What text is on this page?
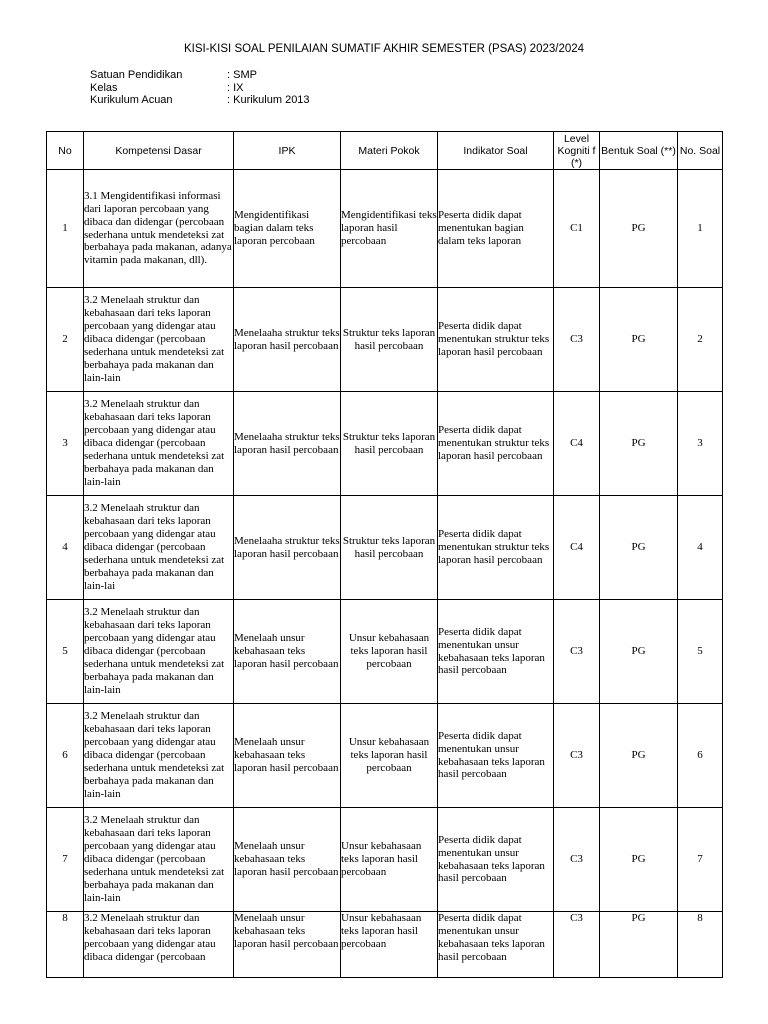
KISI-KISI SOAL PENILAIAN SUMATIF AKHIR SEMESTER (PSAS) 2023/2024
Satuan Pendidikan	: SMP
Kelas	: IX
Kurikulum Acuan	: Kurikulum 2013
No	Kompetensi Dasar	IPK	Materi Pokok	Indikator Soal	Level Kogniti f (*)	Bentuk Soal (**)	No. Soal
1	3.1 Mengidentifikasi informasi dari laporan percobaan yang dibaca dan didengar (percobaan sederhana untuk mendeteksi zat berbahaya pada makanan, adanya vitamin pada makanan, dll).	Mengidentifikasi bagian dalam teks laporan percobaan	Mengidentifikasi teks laporan hasil percobaan	Peserta didik dapat menentukan bagian dalam teks laporan	C1	PG	1
2	3.2 Menelaah struktur dan kebahasaan dari teks laporan percobaan yang didengar atau dibaca didengar (percobaan sederhana untuk mendeteksi zat berbahaya pada makanan dan lain-lain	Menelaaha struktur teks laporan hasil percobaan	Struktur teks laporan hasil percobaan	Peserta didik dapat menentukan struktur teks laporan hasil percobaan	C3	PG	2
3	3.2 Menelaah struktur dan kebahasaan dari teks laporan percobaan yang didengar atau dibaca didengar (percobaan sederhana untuk mendeteksi zat berbahaya pada makanan dan lain-lain	Menelaaha struktur teks laporan hasil percobaan	Struktur teks laporan hasil percobaan	Peserta didik dapat menentukan struktur teks laporan hasil percobaan	C4	PG	3
4	3.2 Menelaah struktur dan kebahasaan dari teks laporan percobaan yang didengar atau dibaca didengar (percobaan sederhana untuk mendeteksi zat berbahaya pada makanan dan lain-lai	Menelaaha struktur teks laporan hasil percobaan	Struktur teks laporan hasil percobaan	Peserta didik dapat menentukan struktur teks laporan hasil percobaan	C4	PG	4
5	3.2 Menelaah struktur dan kebahasaan dari teks laporan percobaan yang didengar atau dibaca didengar (percobaan sederhana untuk mendeteksi zat berbahaya pada makanan dan lain-lain	Menelaah unsur kebahasaan teks laporan hasil percobaan	Unsur kebahasaan teks laporan hasil percobaan	Peserta didik dapat menentukan unsur kebahasaan teks laporan hasil percobaan	C3	PG	5
6	3.2 Menelaah struktur dan kebahasaan dari teks laporan percobaan yang didengar atau dibaca didengar (percobaan sederhana untuk mendeteksi zat berbahaya pada makanan dan lain-lain	Menelaah unsur kebahasaan teks laporan hasil percobaan	Unsur kebahasaan teks laporan hasil percobaan	Peserta didik dapat menentukan unsur kebahasaan teks laporan hasil percobaan	C3	PG	6
7	3.2 Menelaah struktur dan kebahasaan dari teks laporan percobaan yang didengar atau dibaca didengar (percobaan sederhana untuk mendeteksi zat berbahaya pada makanan dan lain-lain	Menelaah unsur kebahasaan teks laporan hasil percobaan	Unsur kebahasaan teks laporan hasil percobaan	Peserta didik dapat menentukan unsur kebahasaan teks laporan hasil percobaan	C3	PG	7
8	3.2 Menelaah struktur dan kebahasaan dari teks laporan percobaan yang didengar atau dibaca didengar (percobaan	Menelaah unsur kebahasaan teks laporan hasil percobaan	Unsur kebahasaan teks laporan hasil percobaan	Peserta didik dapat menentukan unsur kebahasaan teks laporan hasil percobaan	C3	PG	8
